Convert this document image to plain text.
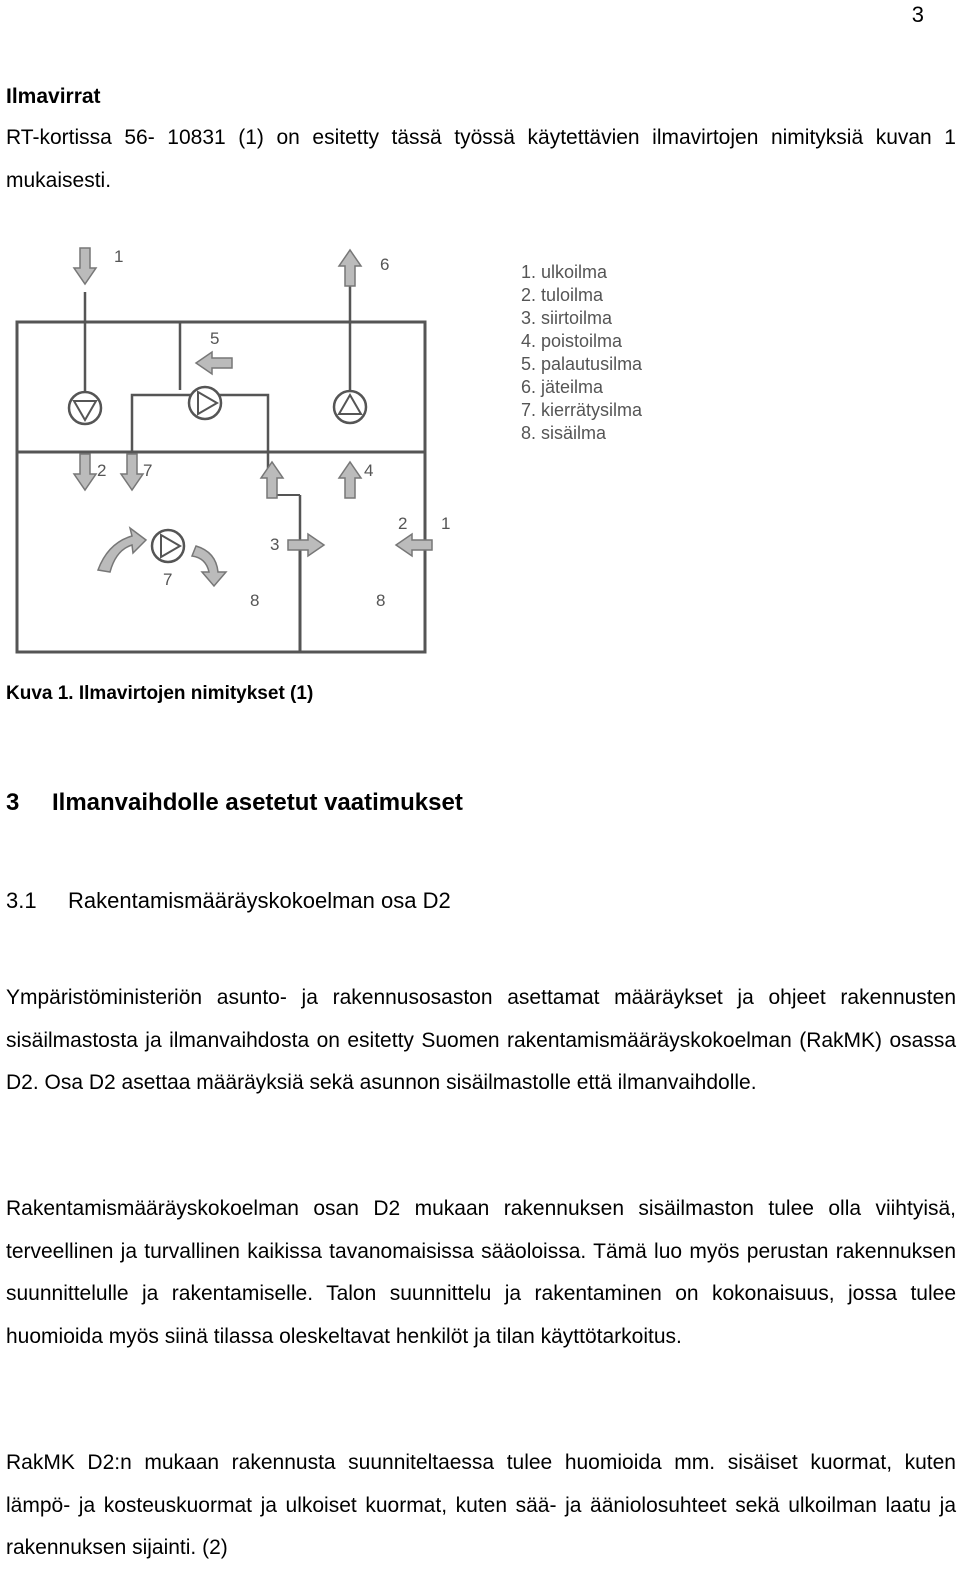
3
Ilmavirrat

RT-kortissa 56- 10831 (1) on esitetty tässä työssä käytettävien ilmavirtojen nimityksiä kuvan 1 mukaisesti.

1	6
5
2 7	4
7
3
8	8
2 1
1. ulkoilma
2. tuloilma
3. siirtoilma
4. poistoilma
5. palautusilma
6. jäteilma
7. kierrätysilma
8. sisäilma
Kuva 1. Ilmavirtojen nimitykset (1)
3 Ilmanvaihdolle asetetut vaatimukset
3.1 Rakentamismääräyskokoelman osa D2

Ympäristöministeriön asunto- ja rakennusosaston asettamat määräykset ja ohjeet rakennusten sisäilmastosta ja ilmanvaihdosta on esitetty Suomen rakentamismääräyskokoelman (RakMK) osassa D2. Osa D2 asettaa määräyksiä sekä asunnon sisäilmastolle että ilmanvaihdolle.

Rakentamismääräyskokoelman osan D2 mukaan rakennuksen sisäilmaston tulee olla viihtyisä, terveellinen ja turvallinen kaikissa tavanomaisissa sääoloissa. Tämä luo myös perustan rakennuksen suunnittelulle ja rakentamiselle. Talon suunnittelu ja rakentaminen on kokonaisuus, jossa tulee huomioida myös siinä tilassa oleskeltavat henkilöt ja tilan käyttötarkoitus.

RakMK D2:n mukaan rakennusta suunniteltaessa tulee huomioida mm. sisäiset kuormat, kuten lämpö- ja kosteuskuormat ja ulkoiset kuormat, kuten sää- ja ääniolosuhteet sekä ulkoilman laatu ja rakennuksen sijainti. (2)
